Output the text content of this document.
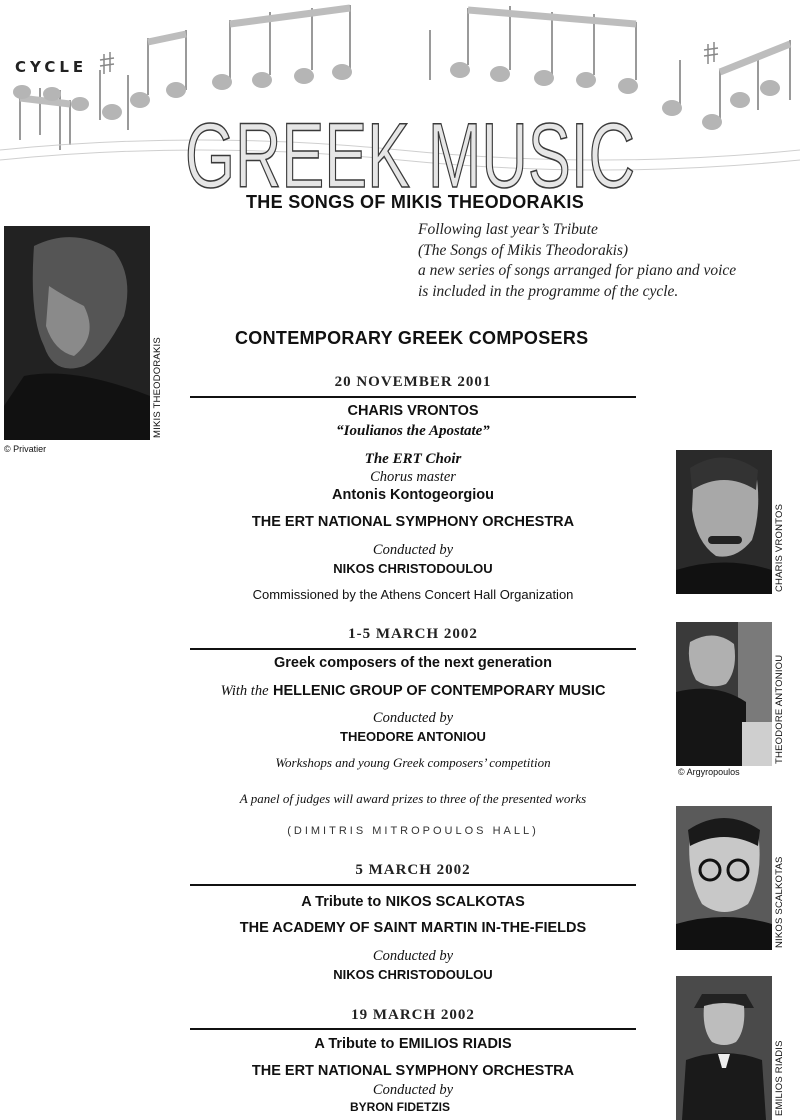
CYCLE
GREEK MUSIC
THE SONGS OF MIKIS THEODORAKIS
Following last year’s Tribute
(The Songs of Mikis Theodorakis)
a new series of songs arranged for piano and voice
is included in the programme of the cycle.
MIKIS THEODORAKIS
© Privatier
CONTEMPORARY GREEK COMPOSERS
20 NOVEMBER 2001
CHARIS VRONTOS
“Ioulianos the Apostate”
The ERT Choir
Chorus master
Antonis Kontogeorgiou
THE ERT NATIONAL SYMPHONY ORCHESTRA
Conducted by
NIKOS CHRISTODOULOU
Commissioned by the Athens Concert Hall Organization
CHARIS VRONTOS
1-5 MARCH 2002
Greek composers of the next generation
With the HELLENIC GROUP OF CONTEMPORARY MUSIC
Conducted by
THEODORE ANTONIOU
Workshops and young Greek composers’ competition
A panel of judges will award prizes to three of the presented works
(DIMITRIS MITROPOULOS HALL)
THEODORE ANTONIOU
© Argyropoulos
5 MARCH 2002
A Tribute to NIKOS SCALKOTAS
THE ACADEMY OF SAINT MARTIN IN-THE-FIELDS
Conducted by
NIKOS CHRISTODOULOU
NIKOS SCALKOTAS
19 MARCH 2002
A Tribute to EMILIOS RIADIS
THE ERT NATIONAL SYMPHONY ORCHESTRA
Conducted by
BYRON FIDETZIS	EMILIOS RIADIS
